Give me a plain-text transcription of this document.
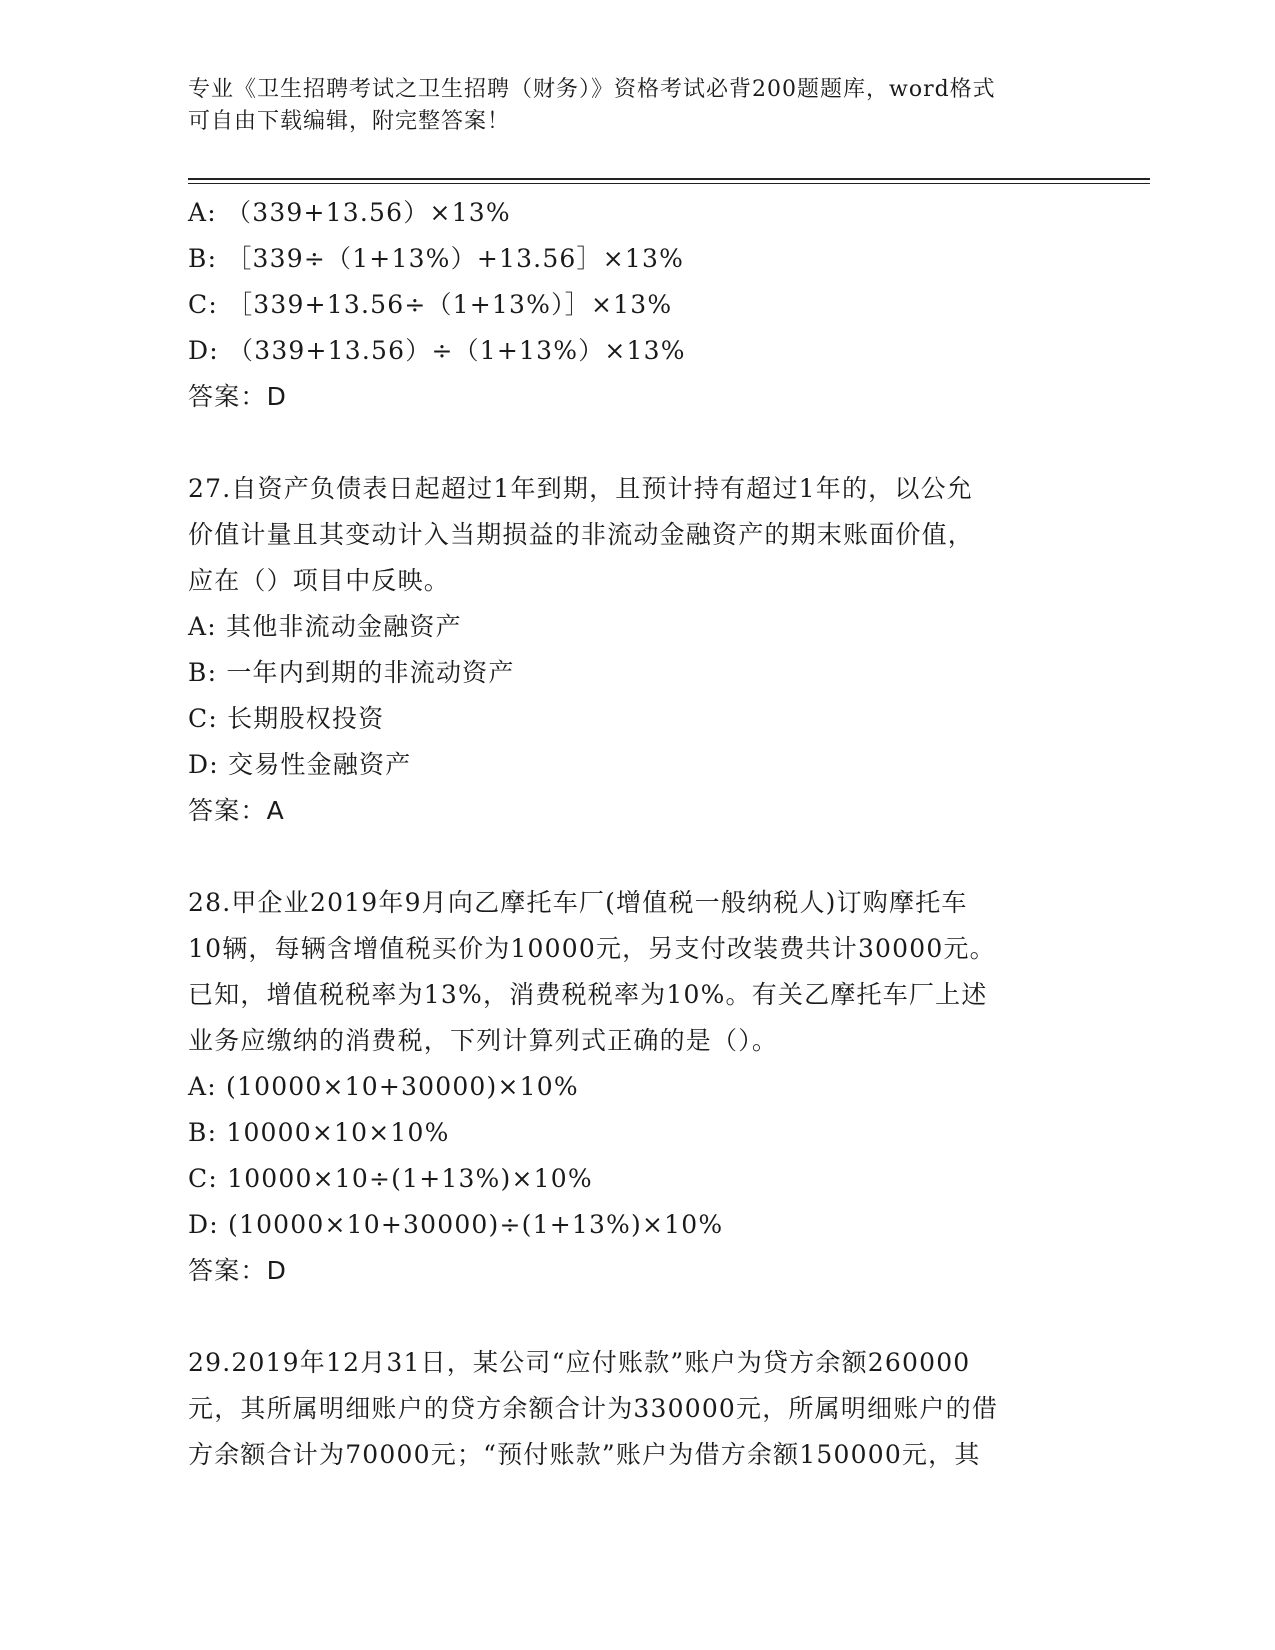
专业《卫生招聘考试之卫生招聘（财务）》资格考试必背200题题库，word格式
可自由下载编辑，附完整答案！
A: （339+13.56）×13%
B: ［339÷（1+13%）+13.56］×13%
C: ［339+13.56÷（1+13%）］×13%
D: （339+13.56）÷（1+13%）×13%
答案：D
27.自资产负债表日起超过1年到期，且预计持有超过1年的，以公允
价值计量且其变动计入当期损益的非流动金融资产的期末账面价值，
应在（）项目中反映。
A: 其他非流动金融资产
B: 一年内到期的非流动资产
C: 长期股权投资
D: 交易性金融资产
答案：A
28.甲企业2019年9月向乙摩托车厂(增值税一般纳税人)订购摩托车
10辆，每辆含增值税买价为10000元，另支付改装费共计30000元。
已知，增值税税率为13%，消费税税率为10%。有关乙摩托车厂上述
业务应缴纳的消费税，下列计算列式正确的是（）。
A: (10000×10+30000)×10%
B: 10000×10×10%
C: 10000×10÷(1+13%)×10%
D: (10000×10+30000)÷(1+13%)×10%
答案：D
29.2019年12月31日，某公司“应付账款”账户为贷方余额260000
元，其所属明细账户的贷方余额合计为330000元，所属明细账户的借
方余额合计为70000元；“预付账款”账户为借方余额150000元，其
